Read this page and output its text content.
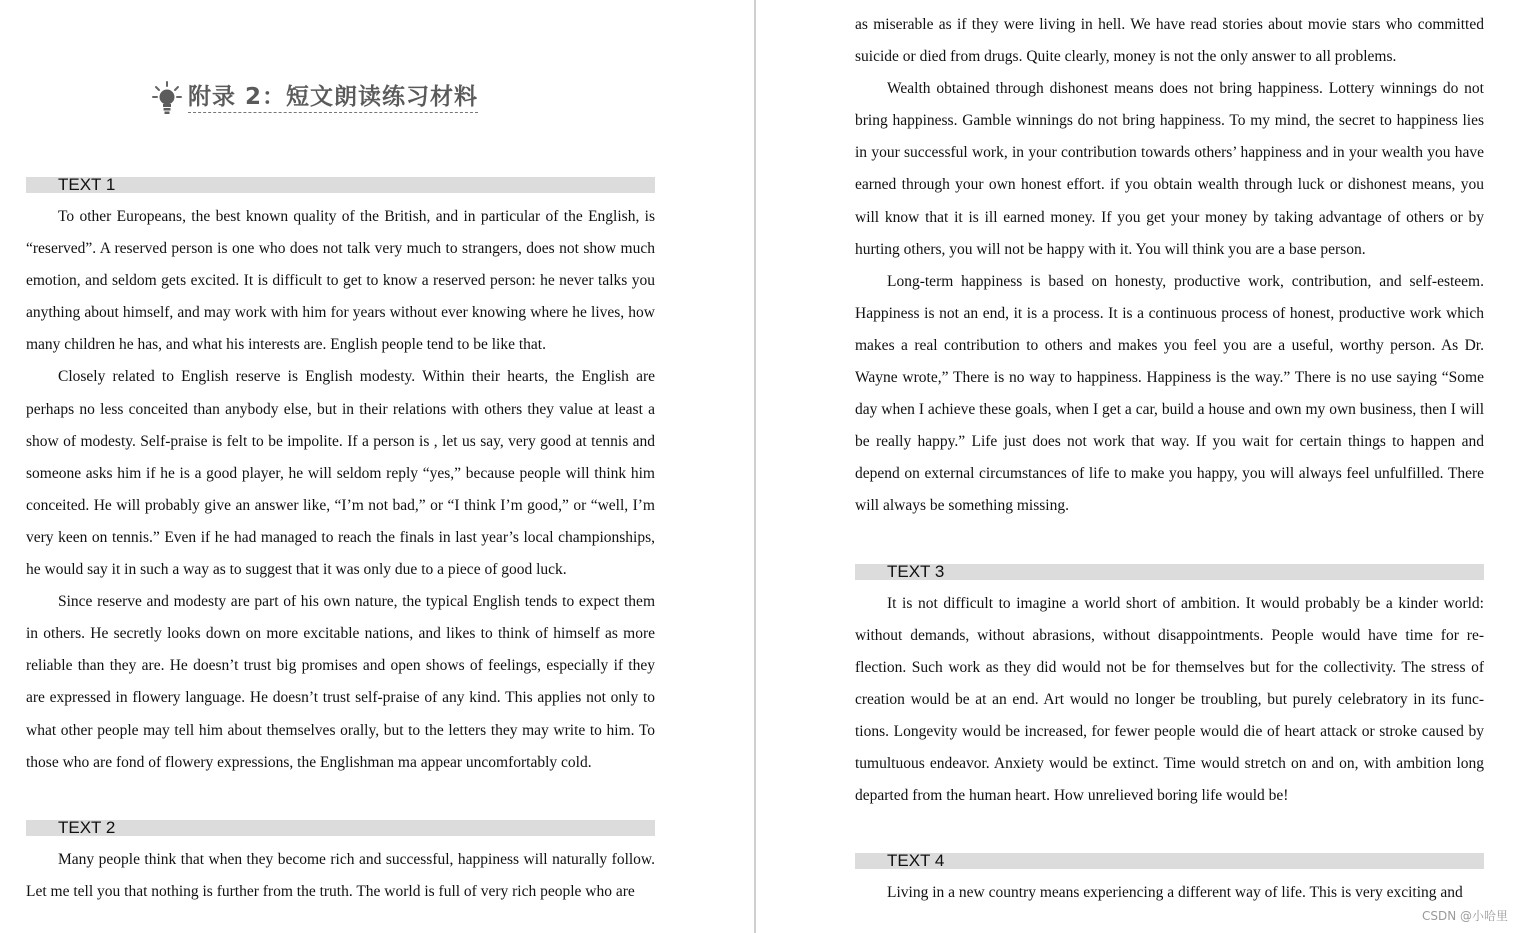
附录 2：短文朗读练习材料
TEXT 1

To other Europeans, the best known quality of the British, and in particular of the English, is “reserved”. A reserved person is one who does not talk very much to strangers, does not show much emotion, and seldom gets excited. It is difficult to get to know a reserved person: he never talks you anything about himself, and may work with him for years without ever knowing where he lives, how many children he has, and what his interests are. English people tend to be like that.

Closely related to English reserve is English modesty. Within their hearts, the English are perhaps no less conceited than anybody else, but in their relations with others they value at least a show of modesty. Self-praise is felt to be impolite. If a person is , let us say, very good at tennis and someone asks him if he is a good player, he will seldom reply “yes,” because people will think him conceited. He will probably give an answer like, “I’m not bad,” or “I think I’m good,” or “well, I’m very keen on tennis.” Even if he had managed to reach the finals in last year’s local championships, he would say it in such a way as to suggest that it was only due to a piece of good luck.

Since reserve and modesty are part of his own nature, the typical English tends to expect them in others. He secretly looks down on more excitable nations, and likes to think of himself as more reliable than they are. He doesn’t trust big promises and open shows of feelings, especially if they are expressed in flowery language. He doesn’t trust self-praise of any kind. This applies not only to what other people may tell him about themselves orally, but to the letters they may write to him. To those who are fond of flowery expressions, the Englishman ma appear uncomfortably cold.

TEXT 2

Many people think that when they become rich and successful, happiness will naturally follow. Let me tell you that nothing is further from the truth. The world is full of very rich people who are

as miserable as if they were living in hell. We have read stories about movie stars who committed suicide or died from drugs. Quite clearly, money is not the only answer to all problems.

Wealth obtained through dishonest means does not bring happiness. Lottery winnings do not bring happiness. Gamble winnings do not bring happiness. To my mind, the secret to happiness lies in your successful work, in your contribution towards others’ happiness and in your wealth you have earned through your own honest effort. if you obtain wealth through luck or dishonest means, you will know that it is ill earned money. If you get your money by taking advantage of others or by hurting others, you will not be happy with it. You will think you are a base person.

Long-term happiness is based on honesty, productive work, contribution, and self-esteem. Happiness is not an end, it is a process. It is a continuous process of honest, productive work which makes a real contribution to others and makes you feel you are a useful, worthy person. As Dr. Wayne wrote,” There is no way to happiness. Happiness is the way.” There is no use saying “Some day when I achieve these goals, when I get a car, build a house and own my own business, then I will be really happy.” Life just does not work that way. If you wait for certain things to happen and depend on external circumstances of life to make you happy, you will always feel unfulfilled. There will always be something missing.

TEXT 3

It is not difficult to imagine a world short of ambition. It would probably be a kinder world: without demands, without abrasions, without disappointments. People would have time for re-flection. Such work as they did would not be for themselves but for the collectivity. The stress of creation would be at an end. Art would no longer be troubling, but purely celebratory in its func-tions. Longevity would be increased, for fewer people would die of heart attack or stroke caused by tumultuous endeavor. Anxiety would be extinct. Time would stretch on and on, with ambition long departed from the human heart. How unrelieved boring life would be!

TEXT 4

Living in a new country means experiencing a different way of life. This is very exciting and

CSDN @小哈里
